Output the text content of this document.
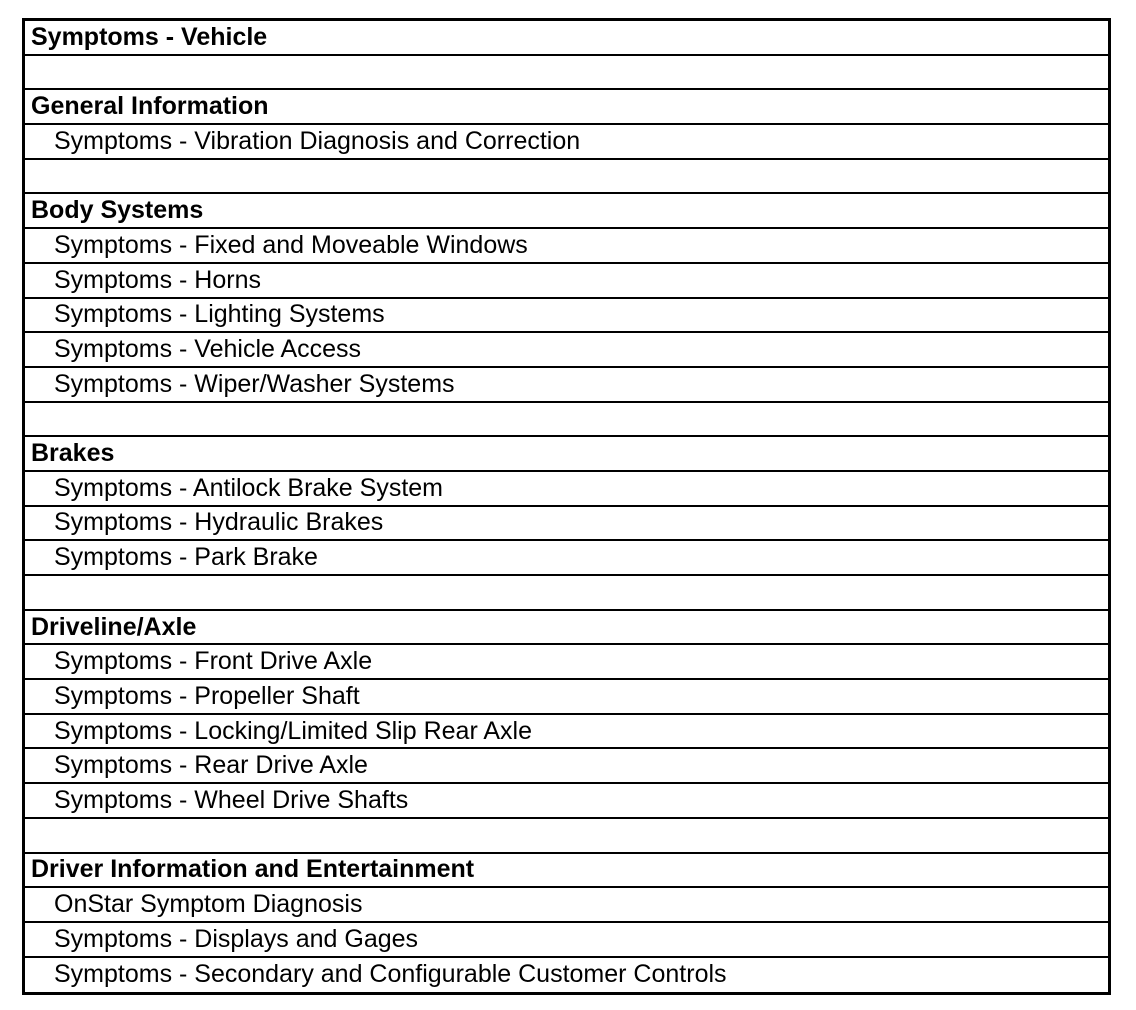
Symptoms - Vehicle
General Information
Symptoms - Vibration Diagnosis and Correction
Body Systems
Symptoms - Fixed and Moveable Windows
Symptoms - Horns
Symptoms - Lighting Systems
Symptoms - Vehicle Access
Symptoms - Wiper/Washer Systems
Brakes
Symptoms - Antilock Brake System
Symptoms - Hydraulic Brakes
Symptoms - Park Brake
Driveline/Axle
Symptoms - Front Drive Axle
Symptoms - Propeller Shaft
Symptoms - Locking/Limited Slip Rear Axle
Symptoms - Rear Drive Axle
Symptoms - Wheel Drive Shafts
Driver Information and Entertainment
OnStar Symptom Diagnosis
Symptoms - Displays and Gages
Symptoms - Secondary and Configurable Customer Controls
